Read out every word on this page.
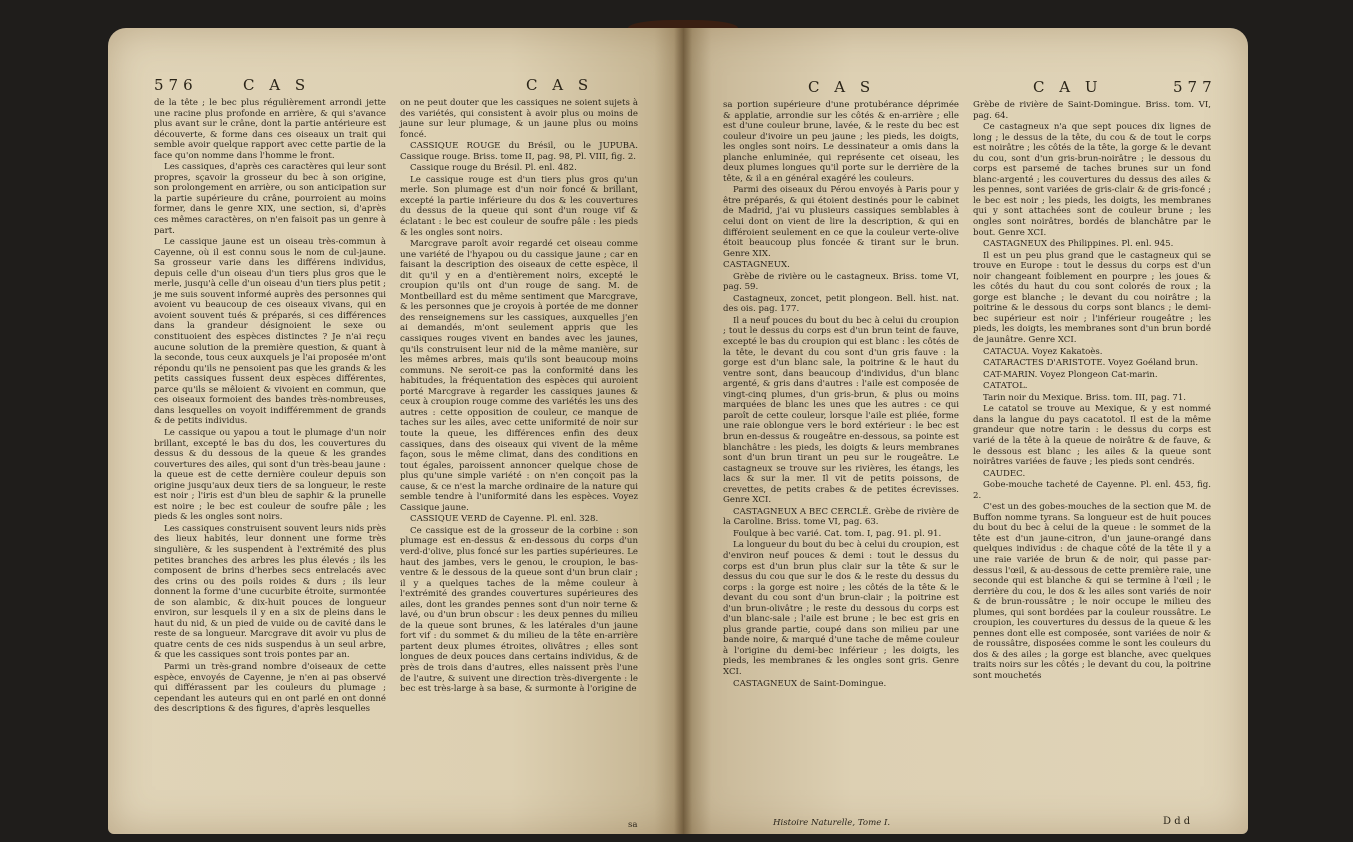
576	C A S	C A S

de la tête ; le bec plus régulièrement arrondi jette une racine plus profonde en arrière, & qui s'avance plus avant sur le crâne, dont la partie antérieure est découverte, & forme dans ces oiseaux un trait qui semble avoir quelque rapport avec cette partie de la face qu'on nomme dans l'homme le front.

Les cassiques, d'après ces caractères qui leur sont propres, sçavoir la grosseur du bec à son origine, son prolongement en arrière, ou son anticipation sur la partie supérieure du crâne, pourroient au moins former, dans le genre XIX, une section, si, d'après ces mêmes caractères, on n'en faisoit pas un genre à part.

Le cassique jaune est un oiseau très-commun à Cayenne, où il est connu sous le nom de cul-jaune. Sa grosseur varie dans les différens individus, depuis celle d'un oiseau d'un tiers plus gros que le merle, jusqu'à celle d'un oiseau d'un tiers plus petit ; je me suis souvent informé auprès des personnes qui avoient vu beaucoup de ces oiseaux vivans, qui en avoient souvent tués & préparés, si ces différences dans la grandeur désignoient le sexe ou constituoient des espèces distinctes ? Je n'ai reçu aucune solution de la première question, & quant à la seconde, tous ceux auxquels je l'ai proposée m'ont répondu qu'ils ne pensoient pas que les grands & les petits cassiques fussent deux espèces différentes, parce qu'ils se mêloient & vivoient en commun, que ces oiseaux formoient des bandes très-nombreuses, dans lesquelles on voyoit indifféremment de grands & de petits individus.

Le cassique ou yapou a tout le plumage d'un noir brillant, excepté le bas du dos, les couvertures du dessus & du dessous de la queue & les grandes couvertures des ailes, qui sont d'un très-beau jaune : la queue est de cette dernière couleur depuis son origine jusqu'aux deux tiers de sa longueur, le reste est noir ; l'iris est d'un bleu de saphir & la prunelle est noire ; le bec est couleur de soufre pâle ; les pieds & les ongles sont noirs.

Les cassiques construisent souvent leurs nids près des lieux habités, leur donnent une forme très singulière, & les suspendent à l'extrémité des plus petites branches des arbres les plus élevés ; ils les composent de brins d'herbes secs entrelacés avec des crins ou des poils roides & durs ; ils leur donnent la forme d'une cucurbite étroite, surmontée de son alambic, & dix-huit pouces de longueur environ, sur lesquels il y en a six de pleins dans le haut du nid, & un pied de vuide ou de cavité dans le reste de sa longueur. Marcgrave dit avoir vu plus de quatre cents de ces nids suspendus à un seul arbre, & que les cassiques sont trois pontes par an.

Parmi un très-grand nombre d'oiseaux de cette espèce, envoyés de Cayenne, je n'en ai pas observé qui différassent par les couleurs du plumage ; cependant les auteurs qui en ont parlé en ont donné des descriptions & des figures, d'après lesquelles

on ne peut douter que les cassiques ne soient sujets à des variétés, qui consistent à avoir plus ou moins de jaune sur leur plumage, & un jaune plus ou moins foncé.

CASSIQUE ROUGE du Brésil, ou le JUPUBA. Cassique rouge. Briss. tome II, pag. 98, Pl. VIII, fig. 2.

Cassique rouge du Brésil. Pl. enl. 482.

Le cassique rouge est d'un tiers plus gros qu'un merle. Son plumage est d'un noir foncé & brillant, excepté la partie inférieure du dos & les couvertures du dessus de la queue qui sont d'un rouge vif & éclatant : le bec est couleur de soufre pâle : les pieds & les ongles sont noirs.

Marcgrave paroît avoir regardé cet oiseau comme une variété de l'hyapou ou du cassique jaune ; car en faisant la description des oiseaux de cette espèce, il dit qu'il y en a d'entièrement noirs, excepté le croupion qu'ils ont d'un rouge de sang. M. de Montbeillard est du même sentiment que Marcgrave, & les personnes que je croyois à portée de me donner des renseignemens sur les cassiques, auxquelles j'en ai demandés, m'ont seulement appris que les cassiques rouges vivent en bandes avec les jaunes, qu'ils construisent leur nid de la même manière, sur les mêmes arbres, mais qu'ils sont beaucoup moins communs. Ne seroit-ce pas la conformité dans les habitudes, la fréquentation des espèces qui auroient porté Marcgrave à regarder les cassiques jaunes & ceux à croupion rouge comme des variétés les uns des autres : cette opposition de couleur, ce manque de taches sur les ailes, avec cette uniformité de noir sur toute la queue, les différences enfin des deux cassiques, dans des oiseaux qui vivent de la même façon, sous le même climat, dans des conditions en tout égales, paroissent annoncer quelque chose de plus qu'une simple variété : on n'en conçoit pas la cause, & ce n'est la marche ordinaire de la nature qui semble tendre à l'uniformité dans les espèces. Voyez Cassique jaune.

CASSIQUE VERD de Cayenne. Pl. enl. 328.

Ce cassique est de la grosseur de la corbine : son plumage est en-dessus & en-dessous du corps d'un verd-d'olive, plus foncé sur les parties supérieures. Le haut des jambes, vers le genou, le croupion, le bas-ventre & le dessous de la queue sont d'un brun clair ; il y a quelques taches de la même couleur à l'extrémité des grandes couvertures supérieures des ailes, dont les grandes pennes sont d'un noir terne & lavé, ou d'un brun obscur : les deux pennes du milieu de la queue sont brunes, & les latérales d'un jaune fort vif : du sommet & du milieu de la tête en-arrière partent deux plumes étroites, olivâtres ; elles sont longues de deux pouces dans certains individus, & de près de trois dans d'autres, elles naissent près l'une de l'autre, & suivent une direction très-divergente : le bec est très-large à sa base, & surmonte à l'origine de

sa
C A S	C A U	577

sa portion supérieure d'une protubérance déprimée & applatie, arrondie sur les côtés & en-arrière ; elle est d'une couleur brune, lavée, & le reste du bec est couleur d'ivoire un peu jaune ; les pieds, les doigts, les ongles sont noirs. Le dessinateur a omis dans la planche enluminée, qui représente cet oiseau, les deux plumes longues qu'il porte sur le derrière de la tête, & il a en général exagéré les couleurs.

Parmi des oiseaux du Pérou envoyés à Paris pour y être préparés, & qui étoient destinés pour le cabinet de Madrid, j'ai vu plusieurs cassiques semblables à celui dont on vient de lire la description, & qui en différoient seulement en ce que la couleur verte-olive étoit beaucoup plus foncée & tirant sur le brun. Genre XIX.

CASTAGNEUX.

Grèbe de rivière ou le castagneux. Briss. tome VI, pag. 59.

Castagneux, zoncet, petit plongeon. Bell. hist. nat. des ois. pag. 177.

Il a neuf pouces du bout du bec à celui du croupion ; tout le dessus du corps est d'un brun teint de fauve, excepté le bas du croupion qui est blanc : les côtés de la tête, le devant du cou sont d'un gris fauve : la gorge est d'un blanc sale, la poitrine & le haut du ventre sont, dans beaucoup d'individus, d'un blanc argenté, & gris dans d'autres : l'aile est composée de vingt-cinq plumes, d'un gris-brun, & plus ou moins marquées de blanc les unes que les autres : ce qui paroît de cette couleur, lorsque l'aile est pliée, forme une raie oblongue vers le bord extérieur : le bec est brun en-dessus & rougeâtre en-dessous, sa pointe est blanchâtre : les pieds, les doigts & leurs membranes sont d'un brun tirant un peu sur le rougeâtre. Le castagneux se trouve sur les rivières, les étangs, les lacs & sur la mer. Il vit de petits poissons, de crevettes, de petits crabes & de petites écrevisses. Genre XCI.

CASTAGNEUX A BEC CERCLÉ. Grèbe de rivière de la Caroline. Briss. tome VI, pag. 63.

Foulque à bec varié. Cat. tom. I, pag. 91. pl. 91.

La longueur du bout du bec à celui du croupion, est d'environ neuf pouces & demi : tout le dessus du corps est d'un brun plus clair sur la tête & sur le dessus du cou que sur le dos & le reste du dessus du corps : la gorge est noire ; les côtés de la tête & le devant du cou sont d'un brun-clair ; la poitrine est d'un brun-olivâtre ; le reste du dessous du corps est d'un blanc-sale ; l'aile est brune ; le bec est gris en plus grande partie, coupé dans son milieu par une bande noire, & marqué d'une tache de même couleur à l'origine du demi-bec inférieur ; les doigts, les pieds, les membranes & les ongles sont gris. Genre XCI.

CASTAGNEUX de Saint-Domingue.

Histoire Naturelle, Tome I.

Grèbe de rivière de Saint-Domingue. Briss. tom. VI, pag. 64.

Ce castagneux n'a que sept pouces dix lignes de long ; le dessus de la tête, du cou & de tout le corps est noirâtre ; les côtés de la tête, la gorge & le devant du cou, sont d'un gris-brun-noirâtre ; le dessous du corps est parsemé de taches brunes sur un fond blanc-argenté ; les couvertures du dessus des ailes & les pennes, sont variées de gris-clair & de gris-foncé ; le bec est noir ; les pieds, les doigts, les membranes qui y sont attachées sont de couleur brune ; les ongles sont noirâtres, bordés de blanchâtre par le bout. Genre XCI.

CASTAGNEUX des Philippines. Pl. enl. 945.

Il est un peu plus grand que le castagneux qui se trouve en Europe : tout le dessus du corps est d'un noir changeant foiblement en pourpre ; les joues & les côtés du haut du cou sont colorés de roux ; la gorge est blanche ; le devant du cou noirâtre ; la poitrine & le dessous du corps sont blancs ; le demi-bec supérieur est noir ; l'inférieur rougeâtre ; les pieds, les doigts, les membranes sont d'un brun bordé de jaunâtre. Genre XCI.

CATACUA. Voyez Kakatoès.

CATARACTES D'ARISTOTE. Voyez Goéland brun.

CAT-MARIN. Voyez Plongeon Cat-marin.

CATATOL.

Tarin noir du Mexique. Briss. tom. III, pag. 71.

Le catatol se trouve au Mexique, & y est nommé dans la langue du pays cacatotol. Il est de la même grandeur que notre tarin : le dessus du corps est varié de la tête à la queue de noirâtre & de fauve, & le dessous est blanc ; les ailes & la queue sont noirâtres variées de fauve ; les pieds sont cendrés.

CAUDEC.

Gobe-mouche tacheté de Cayenne. Pl. enl. 453, fig. 2.

C'est un des gobes-mouches de la section que M. de Buffon nomme tyrans. Sa longueur est de huit pouces du bout du bec à celui de la queue : le sommet de la tête est d'un jaune-citron, d'un jaune-orangé dans quelques individus : de chaque côté de la tête il y a une raie variée de brun & de noir, qui passe par-dessus l'œil, & au-dessous de cette première raie, une seconde qui est blanche & qui se termine à l'œil ; le derrière du cou, le dos & les ailes sont variés de noir & de brun-roussâtre ; le noir occupe le milieu des plumes, qui sont bordées par la couleur roussâtre. Le croupion, les couvertures du dessus de la queue & les pennes dont elle est composée, sont variées de noir & de roussâtre, disposées comme le sont les couleurs du dos & des ailes ; la gorge est blanche, avec quelques traits noirs sur les côtés ; le devant du cou, la poitrine sont mouchetés

D d d
